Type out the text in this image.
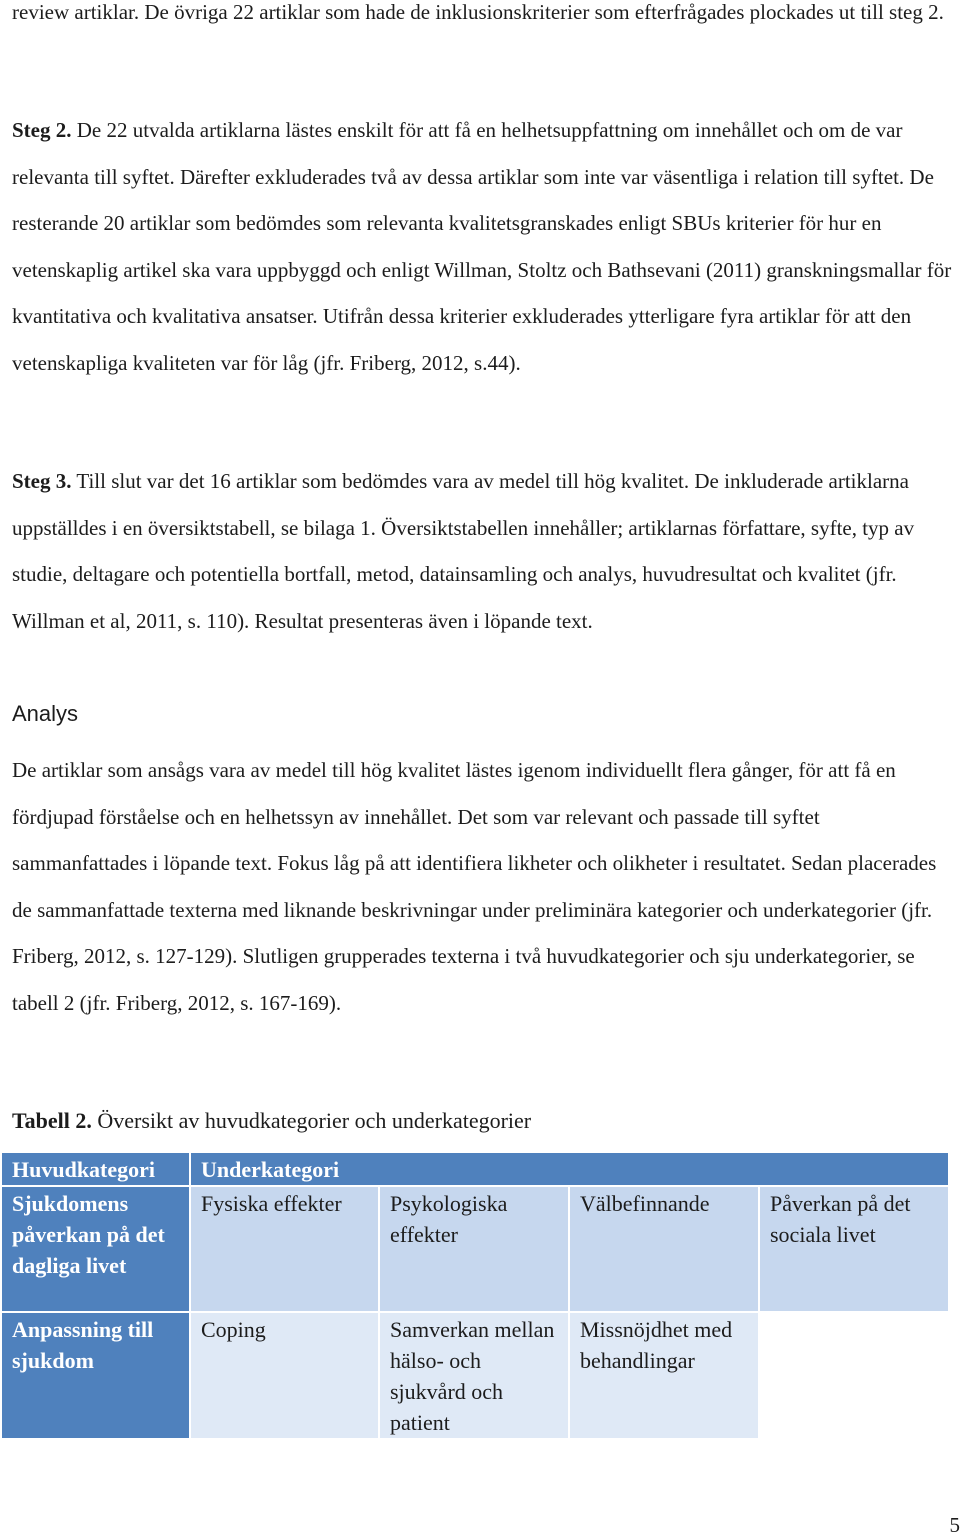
review artiklar. De övriga 22 artiklar som hade de inklusionskriterier som efterfrågades plockades ut till steg 2.

Steg 2. De 22 utvalda artiklarna lästes enskilt för att få en helhetsuppfattning om innehållet och om de var relevanta till syftet. Därefter exkluderades två av dessa artiklar som inte var väsentliga i relation till syftet. De resterande 20 artiklar som bedömdes som relevanta kvalitetsgranskades enligt SBUs kriterier för hur en vetenskaplig artikel ska vara uppbyggd och enligt Willman, Stoltz och Bathsevani (2011) granskningsmallar för kvantitativa och kvalitativa ansatser. Utifrån dessa kriterier exkluderades ytterligare fyra artiklar för att den vetenskapliga kvaliteten var för låg (jfr. Friberg, 2012, s.44).

Steg 3. Till slut var det 16 artiklar som bedömdes vara av medel till hög kvalitet. De inkluderade artiklarna uppställdes i en översiktstabell, se bilaga 1. Översiktstabellen innehåller; artiklarnas författare, syfte, typ av studie, deltagare och potentiella bortfall, metod, datainsamling och analys, huvudresultat och kvalitet (jfr. Willman et al, 2011, s. 110). Resultat presenteras även i löpande text.

Analys

De artiklar som ansågs vara av medel till hög kvalitet lästes igenom individuellt flera gånger, för att få en fördjupad förståelse och en helhetssyn av innehållet. Det som var relevant och passade till syftet sammanfattades i löpande text. Fokus låg på att identifiera likheter och olikheter i resultatet. Sedan placerades de sammanfattade texterna med liknande beskrivningar under preliminära kategorier och underkategorier (jfr. Friberg, 2012, s. 127-129). Slutligen grupperades texterna i två huvudkategorier och sju underkategorier, se tabell 2 (jfr. Friberg, 2012, s. 167-169).

Tabell 2. Översikt av huvudkategorier och underkategorier

Huvudkategori	Underkategori			
Sjukdomens påverkan på det dagliga livet	Fysiska effekter	Psykologiska effekter	Välbefinnande	Påverkan på det sociala livet
Anpassning till sjukdom	Coping	Samverkan mellan hälso- och sjukvård och patient	Missnöjdhet med behandlingar	
5
